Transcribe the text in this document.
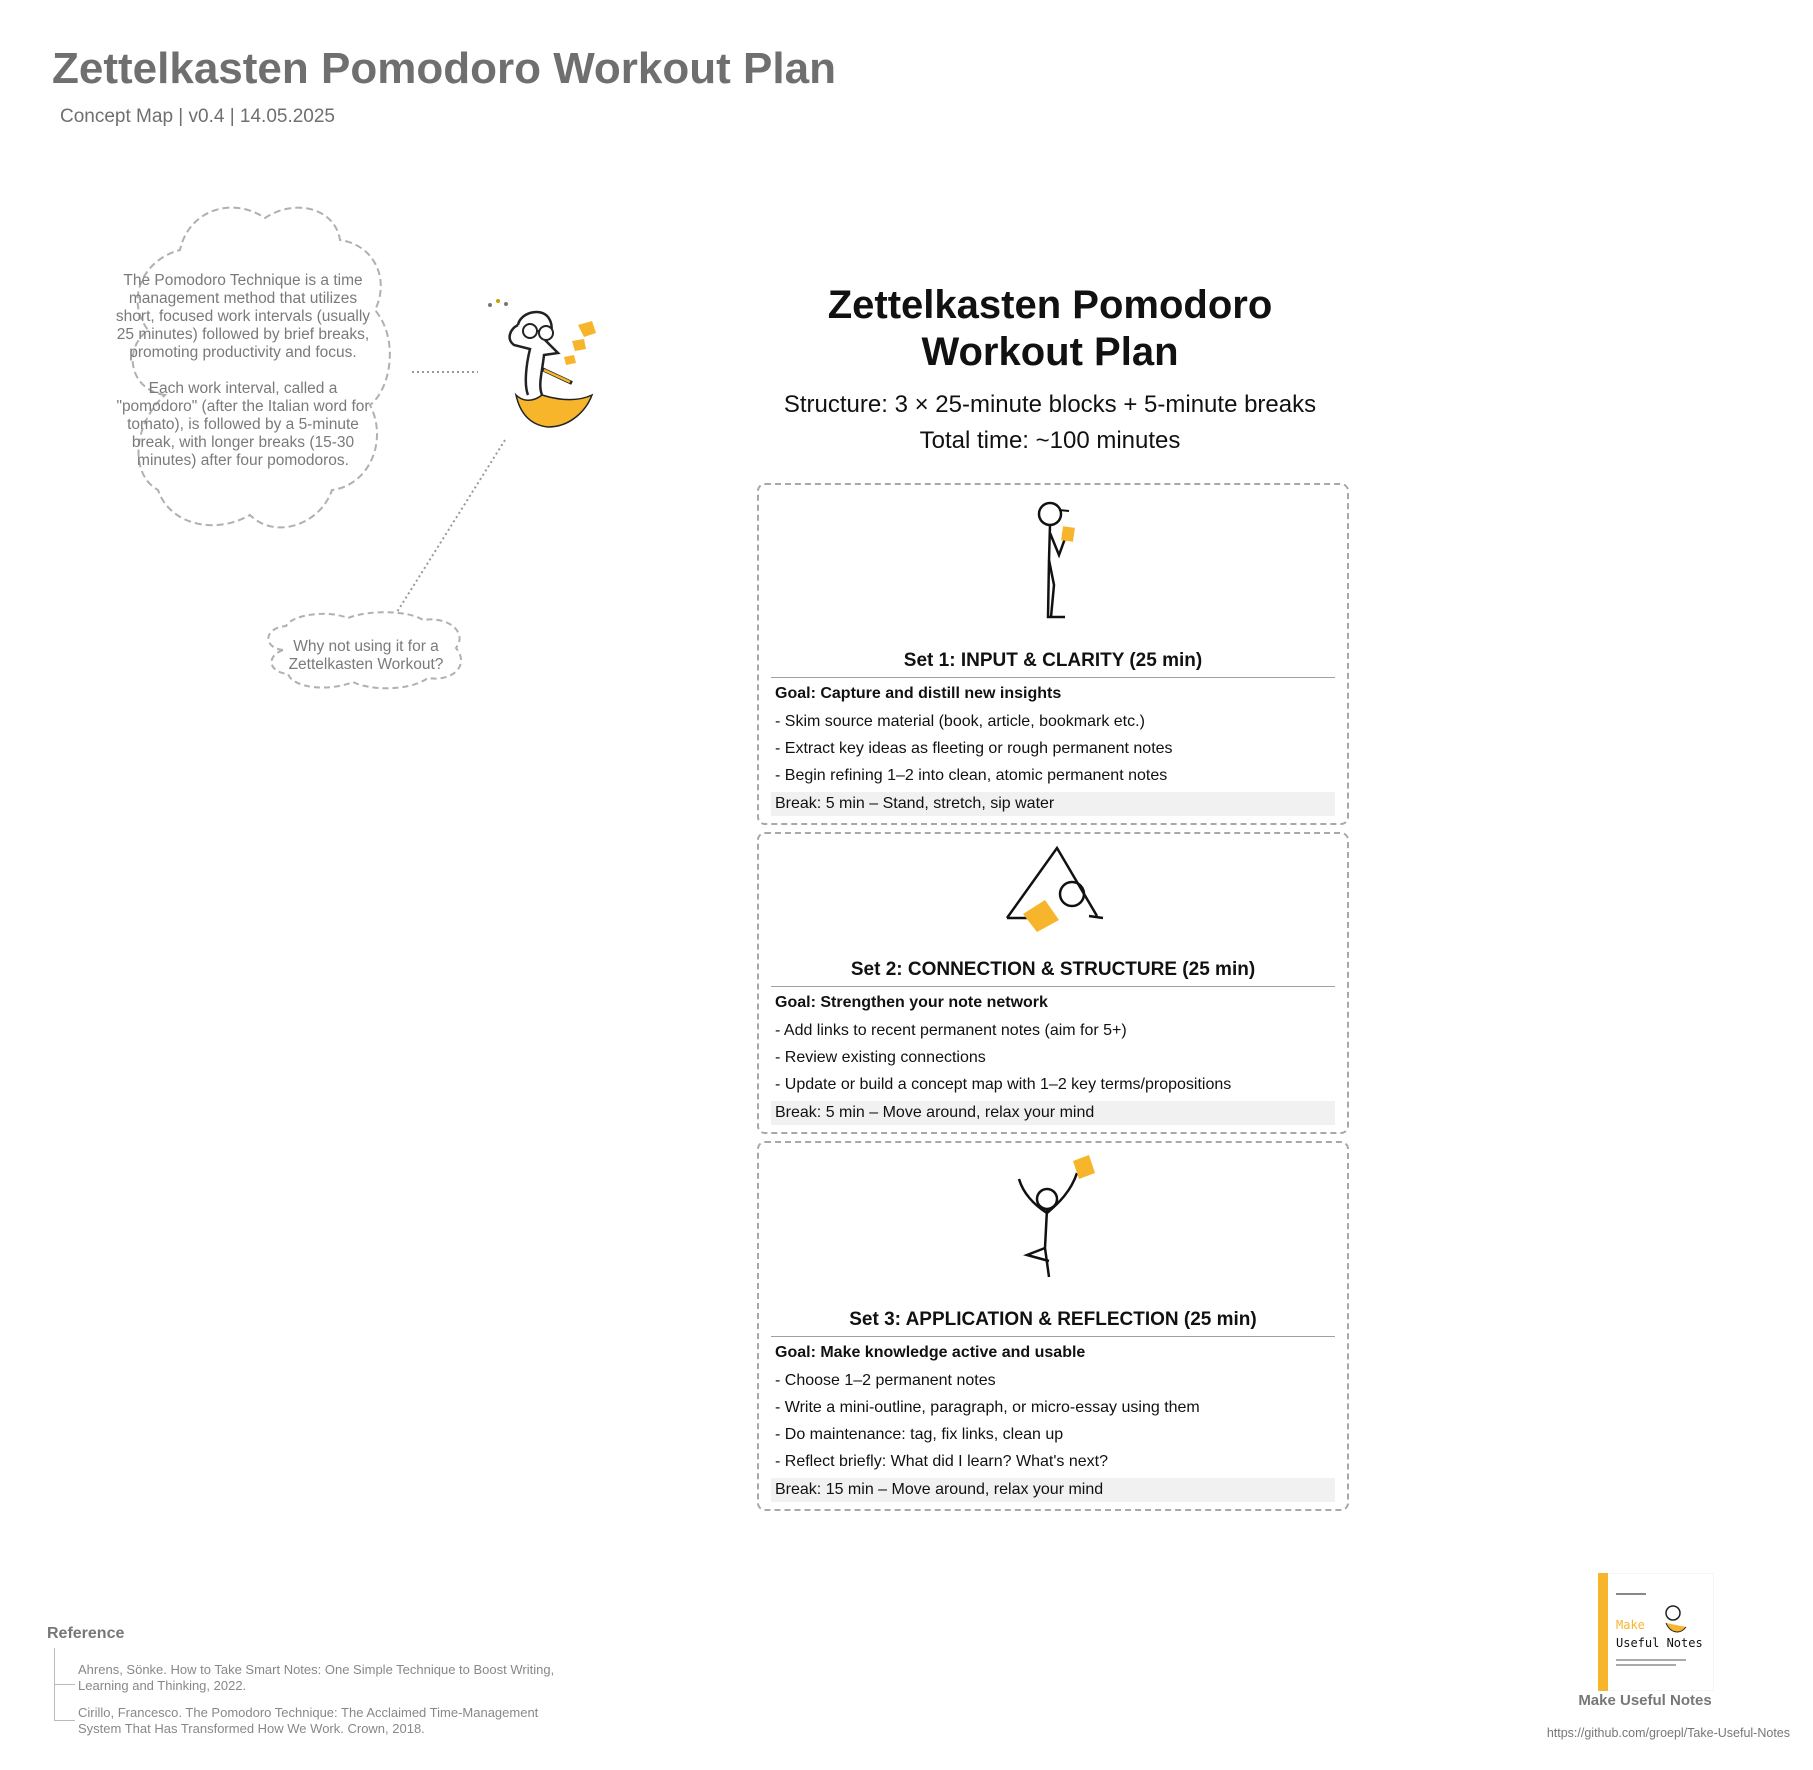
Zettelkasten Pomodoro Workout Plan
Concept Map | v0.4 | 14.05.2025

The Pomodoro Technique is a time management method that utilizes short, focused work intervals (usually 25 minutes) followed by brief breaks, promoting productivity and focus.

Each work interval, called a "pomodoro" (after the Italian word for tomato), is followed by a 5-minute break, with longer breaks (15-30 minutes) after four pomodoros.

Why not using it for a Zettelkasten Workout?
Zettelkasten Pomodoro Workout Plan
Structure: 3 × 25-minute blocks + 5-minute breaks
Total time: ~100 minutes
Set 1: INPUT & CLARITY (25 min)
Goal: Capture and distill new insights
- Skim source material (book, article, bookmark etc.)
- Extract key ideas as fleeting or rough permanent notes
- Begin refining 1–2 into clean, atomic permanent notes
Break: 5 min – Stand, stretch, sip water
Set 2: CONNECTION & STRUCTURE (25 min)
Goal: Strengthen your note network
- Add links to recent permanent notes (aim for 5+)
- Review existing connections
- Update or build a concept map with 1–2 key terms/propositions
Break: 5 min – Move around, relax your mind
Set 3: APPLICATION & REFLECTION (25 min)
Goal: Make knowledge active and usable
- Choose 1–2 permanent notes
- Write a mini-outline, paragraph, or micro-essay using them
- Do maintenance: tag, fix links, clean up
- Reflect briefly: What did I learn? What's next?
Break: 15 min – Move around, relax your mind
Reference
Ahrens, Sönke. How to Take Smart Notes: One Simple Technique to Boost Writing, Learning and Thinking, 2022.
Cirillo, Francesco. The Pomodoro Technique: The Acclaimed Time-Management System That Has Transformed How We Work. Crown, 2018.
Make
Useful Notes
Make Useful Notes
https://github.com/groepl/Take-Useful-Notes
